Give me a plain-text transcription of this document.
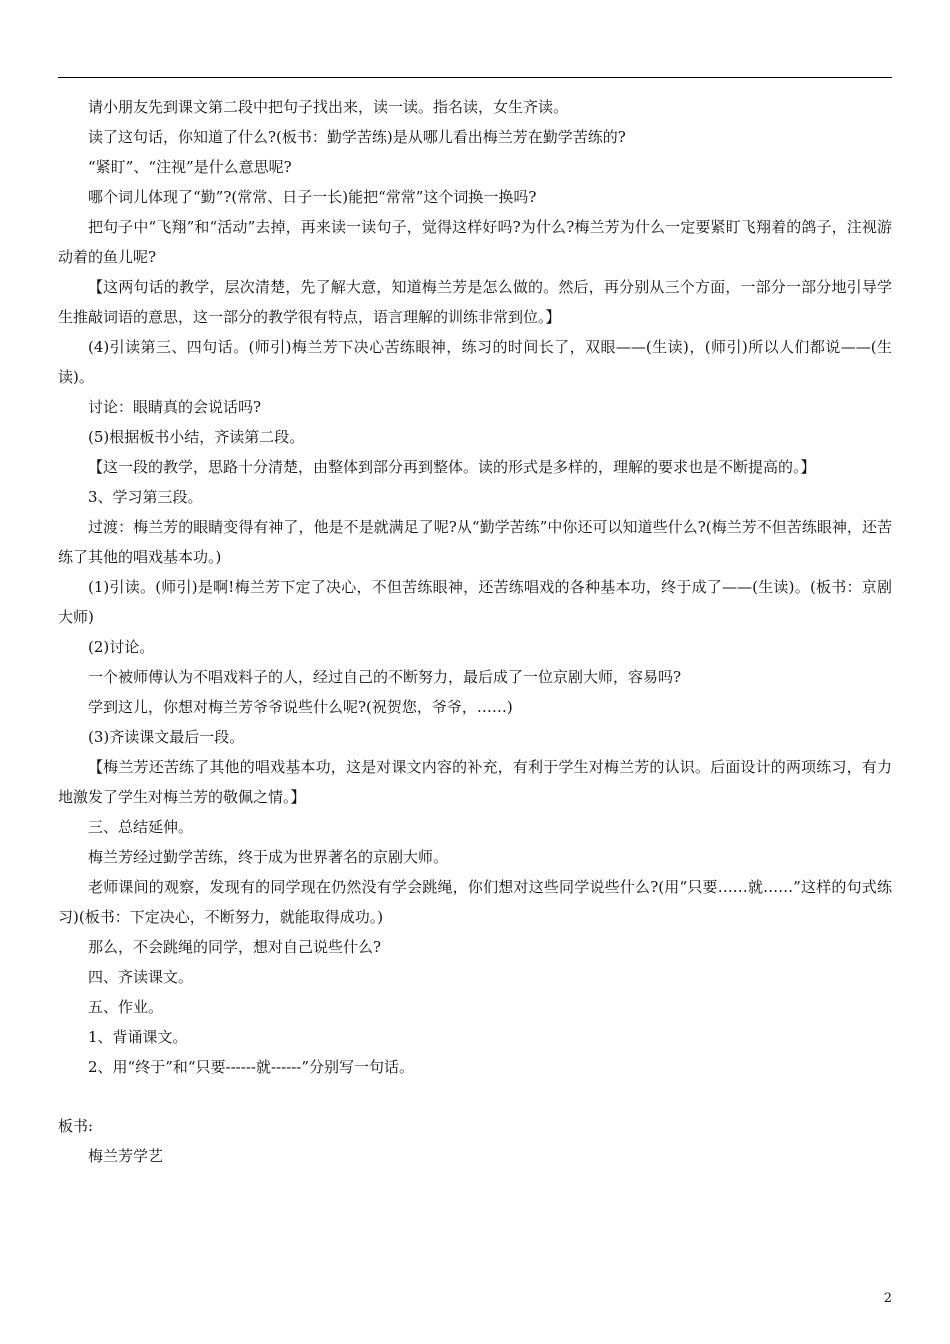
请小朋友先到课文第二段中把句子找出来，读一读。指名读，女生齐读。

读了这句话，你知道了什么?(板书：勤学苦练)是从哪儿看出梅兰芳在勤学苦练的?

“紧盯”、“注视”是什么意思呢?

哪个词儿体现了“勤”?(常常、日子一长)能把“常常”这个词换一换吗?

把句子中“飞翔”和“活动”去掉，再来读一读句子，觉得这样好吗?为什么?梅兰芳为什么一定要紧盯飞翔着的鸽子，注视游动着的鱼儿呢?

【这两句话的教学，层次清楚，先了解大意，知道梅兰芳是怎么做的。然后，再分别从三个方面，一部分一部分地引导学生推敲词语的意思，这一部分的教学很有特点，语言理解的训练非常到位。】

(4)引读第三、四句话。(师引)梅兰芳下决心苦练眼神，练习的时间长了，双眼——(生读)，(师引)所以人们都说——(生读)。

讨论：眼睛真的会说话吗?

(5)根据板书小结，齐读第二段。

【这一段的教学，思路十分清楚，由整体到部分再到整体。读的形式是多样的，理解的要求也是不断提高的。】

3、学习第三段。

过渡：梅兰芳的眼睛变得有神了，他是不是就满足了呢?从“勤学苦练”中你还可以知道些什么?(梅兰芳不但苦练眼神，还苦练了其他的唱戏基本功。)

(1)引读。(师引)是啊!梅兰芳下定了决心，不但苦练眼神，还苦练唱戏的各种基本功，终于成了——(生读)。(板书：京剧大师)

(2)讨论。

一个被师傅认为不唱戏料子的人，经过自己的不断努力，最后成了一位京剧大师，容易吗?

学到这儿，你想对梅兰芳爷爷说些什么呢?(祝贺您，爷爷，……)

(3)齐读课文最后一段。

【梅兰芳还苦练了其他的唱戏基本功，这是对课文内容的补充，有利于学生对梅兰芳的认识。后面设计的两项练习，有力地激发了学生对梅兰芳的敬佩之情。】

三、总结延伸。

梅兰芳经过勤学苦练，终于成为世界著名的京剧大师。

老师课间的观察，发现有的同学现在仍然没有学会跳绳，你们想对这些同学说些什么?(用“只要……就……”这样的句式练习)(板书：下定决心，不断努力，就能取得成功。)

那么，不会跳绳的同学，想对自己说些什么?

四、齐读课文。

五、作业。

1、背诵课文。

2、用“终于”和“只要------就------”分别写一句话。

板书:

梅兰芳学艺

2
